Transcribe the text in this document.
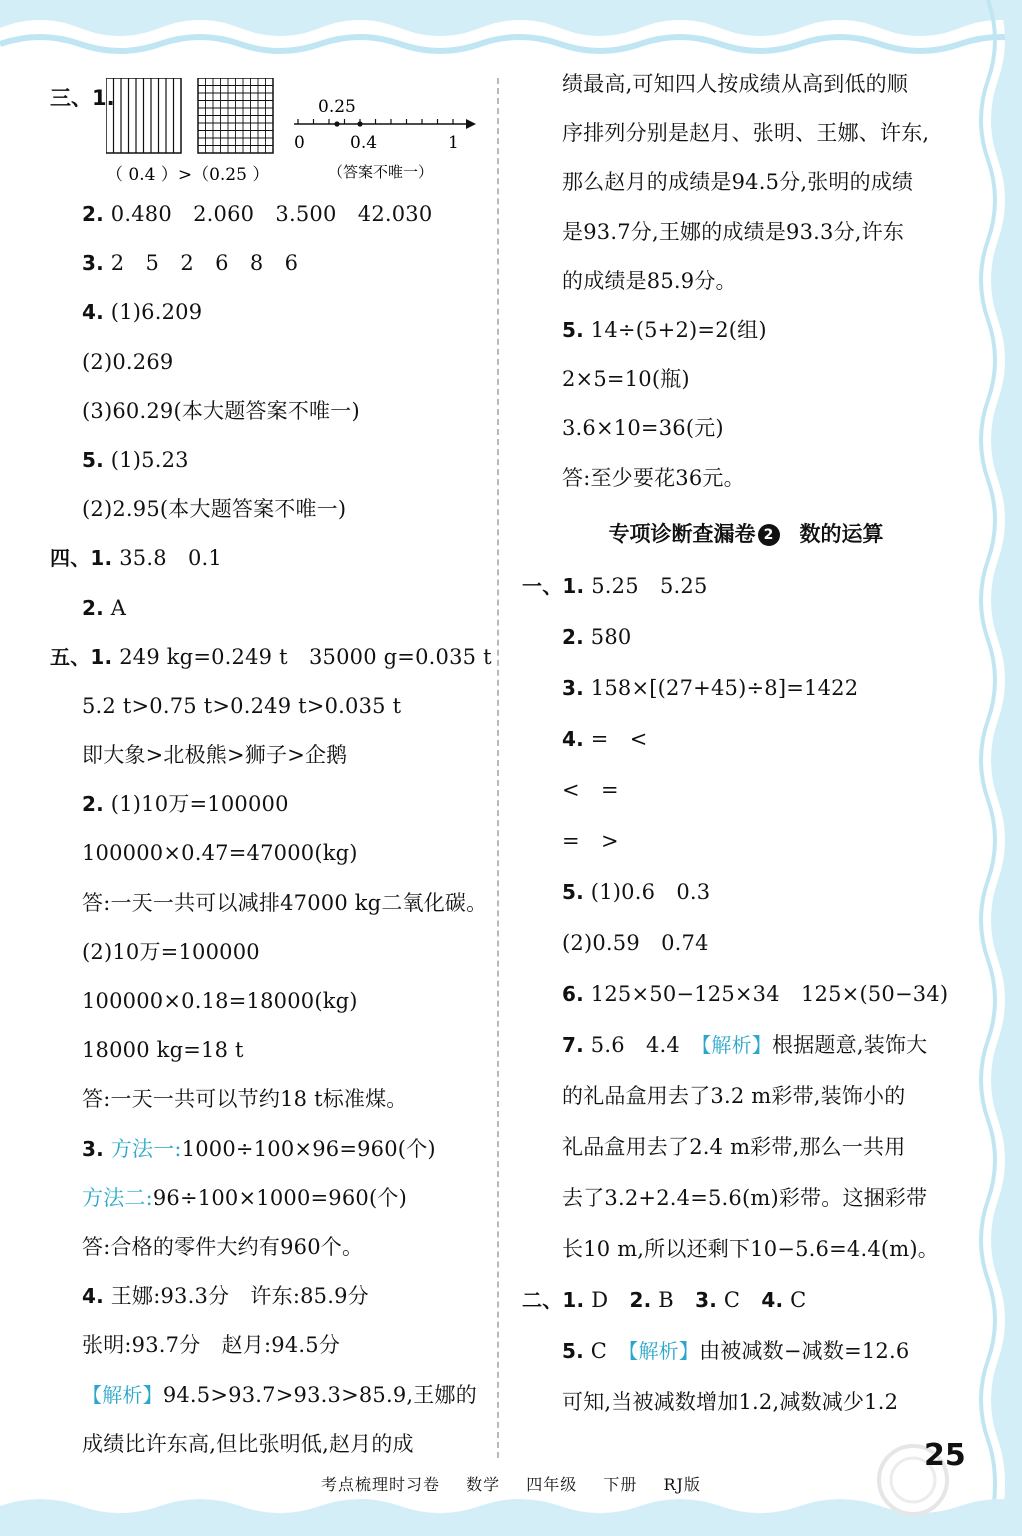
三、1.
（ 0.4 ）>（0.25 ）
0.25
0	0.4	1
（答案不唯一）
2. 0.480　2.060　3.500　42.030
3. 2　5　2　6　8　6
4. (1)6.209
(2)0.269
(3)60.29(本大题答案不唯一)
5. (1)5.23
(2)2.95(本大题答案不唯一)
四、1. 35.8　0.1
2. A
五、1. 249 kg=0.249 t　35000 g=0.035 t
5.2 t>0.75 t>0.249 t>0.035 t
即大象>北极熊>狮子>企鹅
2. (1)10万=100000
100000×0.47=47000(kg)
答:一天一共可以减排47000 kg二氧化碳。
(2)10万=100000
100000×0.18=18000(kg)
18000 kg=18 t
答:一天一共可以节约18 t标准煤。
3. 方法一:1000÷100×96=960(个)
方法二:96÷100×1000=960(个)
答:合格的零件大约有960个。
4. 王娜:93.3分　许东:85.9分
张明:93.7分　赵月:94.5分
【解析】94.5>93.7>93.3>85.9,王娜的
成绩比许东高,但比张明低,赵月的成
绩最高,可知四人按成绩从高到低的顺
序排列分别是赵月、张明、王娜、许东,
那么赵月的成绩是94.5分,张明的成绩
是93.7分,王娜的成绩是93.3分,许东
的成绩是85.9分。
5. 14÷(5+2)=2(组)
2×5=10(瓶)
3.6×10=36(元)
答:至少要花36元。
专项诊断查漏卷 2 数的运算
一、1. 5.25　5.25
2. 580
3. 158×[(27+45)÷8]=1422
4. =　<
<　=
=　>
5. (1)0.6　0.3
(2)0.59　0.74
6. 125×50−125×34　125×(50−34)
7. 5.6　4.4　【解析】根据题意,装饰大
的礼品盒用去了3.2 m彩带,装饰小的
礼品盒用去了2.4 m彩带,那么一共用
去了3.2+2.4=5.6(m)彩带。这捆彩带
长10 m,所以还剩下10−5.6=4.4(m)。
二、1. D　2. B　3. C　4. C
5. C　【解析】由被减数−减数=12.6
可知,当被减数增加1.2,减数减少1.2
考点梳理时习卷 数学 四年级 下册 RJ版
25
